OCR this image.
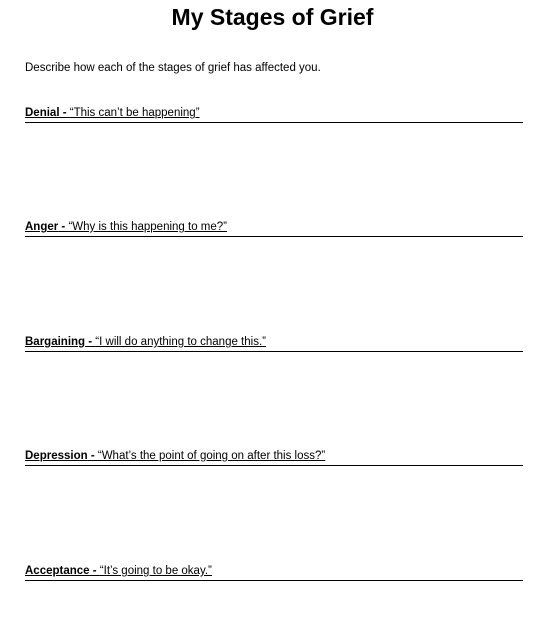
My Stages of Grief
Describe how each of the stages of grief has affected you.
Denial - “This can’t be happening”
Anger - “Why is this happening to me?”
Bargaining - “I will do anything to change this.”
Depression - “What’s the point of going on after this loss?”
Acceptance - “It’s going to be okay.”
